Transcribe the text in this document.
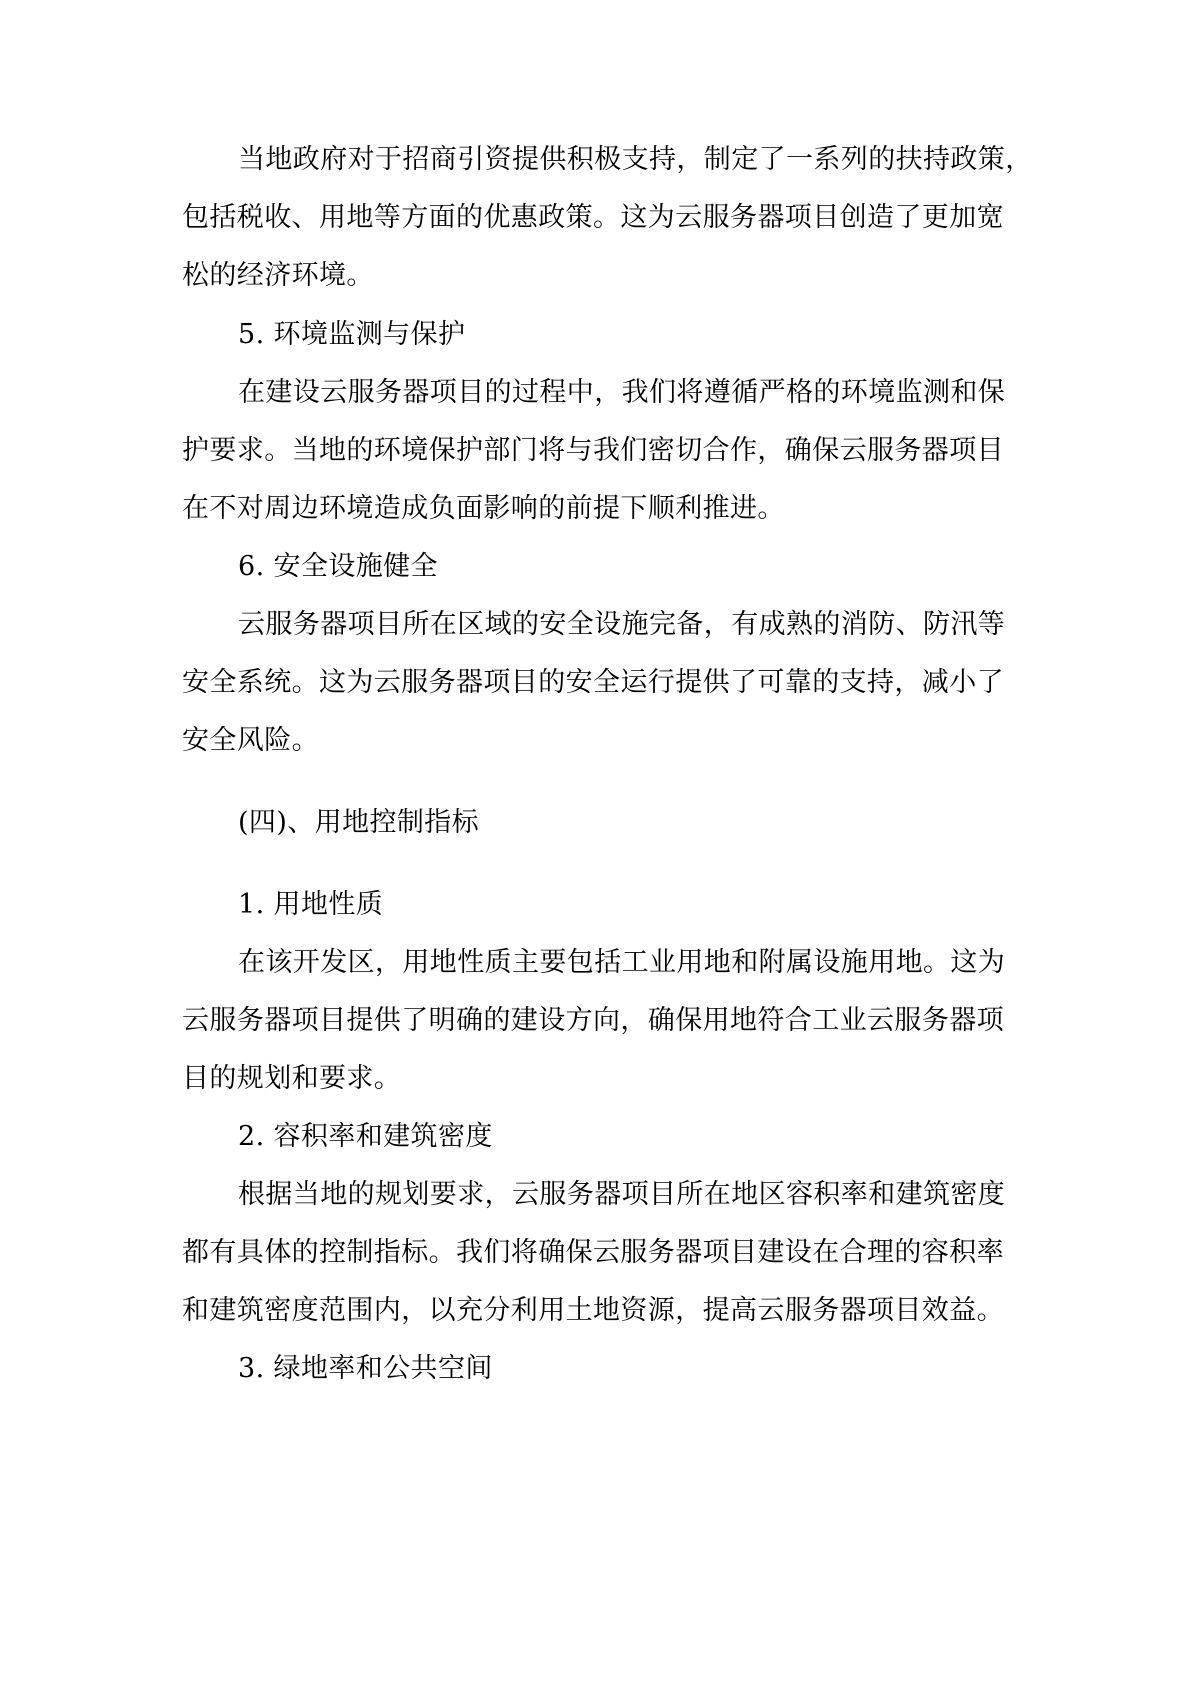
当地政府对于招商引资提供积极支持，制定了一系列的扶持政策，
包括税收、用地等方面的优惠政策。这为云服务器项目创造了更加宽
松的经济环境。
5. 环境监测与保护
在建设云服务器项目的过程中，我们将遵循严格的环境监测和保
护要求。当地的环境保护部门将与我们密切合作，确保云服务器项目
在不对周边环境造成负面影响的前提下顺利推进。
6. 安全设施健全
云服务器项目所在区域的安全设施完备，有成熟的消防、防汛等
安全系统。这为云服务器项目的安全运行提供了可靠的支持，减小了
安全风险。
(四)、用地控制指标
1. 用地性质
在该开发区，用地性质主要包括工业用地和附属设施用地。这为
云服务器项目提供了明确的建设方向，确保用地符合工业云服务器项
目的规划和要求。
2. 容积率和建筑密度
根据当地的规划要求，云服务器项目所在地区容积率和建筑密度
都有具体的控制指标。我们将确保云服务器项目建设在合理的容积率
和建筑密度范围内，以充分利用土地资源，提高云服务器项目效益。
3. 绿地率和公共空间
